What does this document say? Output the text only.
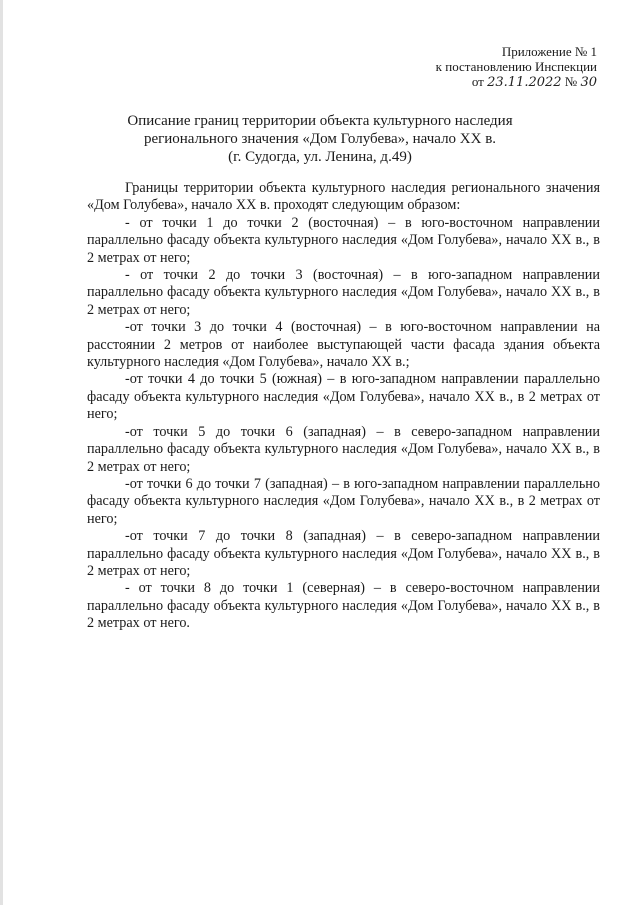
Приложение № 1
к постановлению Инспекции
от 23.11.2022 № 30
Описание границ территории объекта культурного наследия
регионального значения «Дом Голубева», начало XX в.
(г. Судогда, ул. Ленина, д.49)

Границы территории объекта культурного наследия регионального значения «Дом Голубева», начало XX в. проходят следующим образом:

- от точки 1 до точки 2 (восточная) – в юго-восточном направлении параллельно фасаду объекта культурного наследия «Дом Голубева», начало XX в., в 2 метрах от него;

- от точки 2 до точки 3 (восточная) – в юго-западном направлении параллельно фасаду объекта культурного наследия «Дом Голубева», начало XX в., в 2 метрах от него;

-от точки 3 до точки 4 (восточная) – в юго-восточном направлении на расстоянии 2 метров от наиболее выступающей части фасада здания объекта культурного наследия «Дом Голубева», начало XX в.;

-от точки 4 до точки 5 (южная) – в юго-западном направлении параллельно фасаду объекта культурного наследия «Дом Голубева», начало XX в., в 2 метрах от него;

-от точки 5 до точки 6 (западная) – в северо-западном направлении параллельно фасаду объекта культурного наследия «Дом Голубева», начало XX в., в 2 метрах от него;

-от точки 6 до точки 7 (западная) – в юго-западном направлении параллельно фасаду объекта культурного наследия «Дом Голубева», начало XX в., в 2 метрах от него;

-от точки 7 до точки 8 (западная) – в северо-западном направлении параллельно фасаду объекта культурного наследия «Дом Голубева», начало XX в., в 2 метрах от него;

- от точки 8 до точки 1 (северная) – в северо-восточном направлении параллельно фасаду объекта культурного наследия «Дом Голубева», начало XX в., в 2 метрах от него.
